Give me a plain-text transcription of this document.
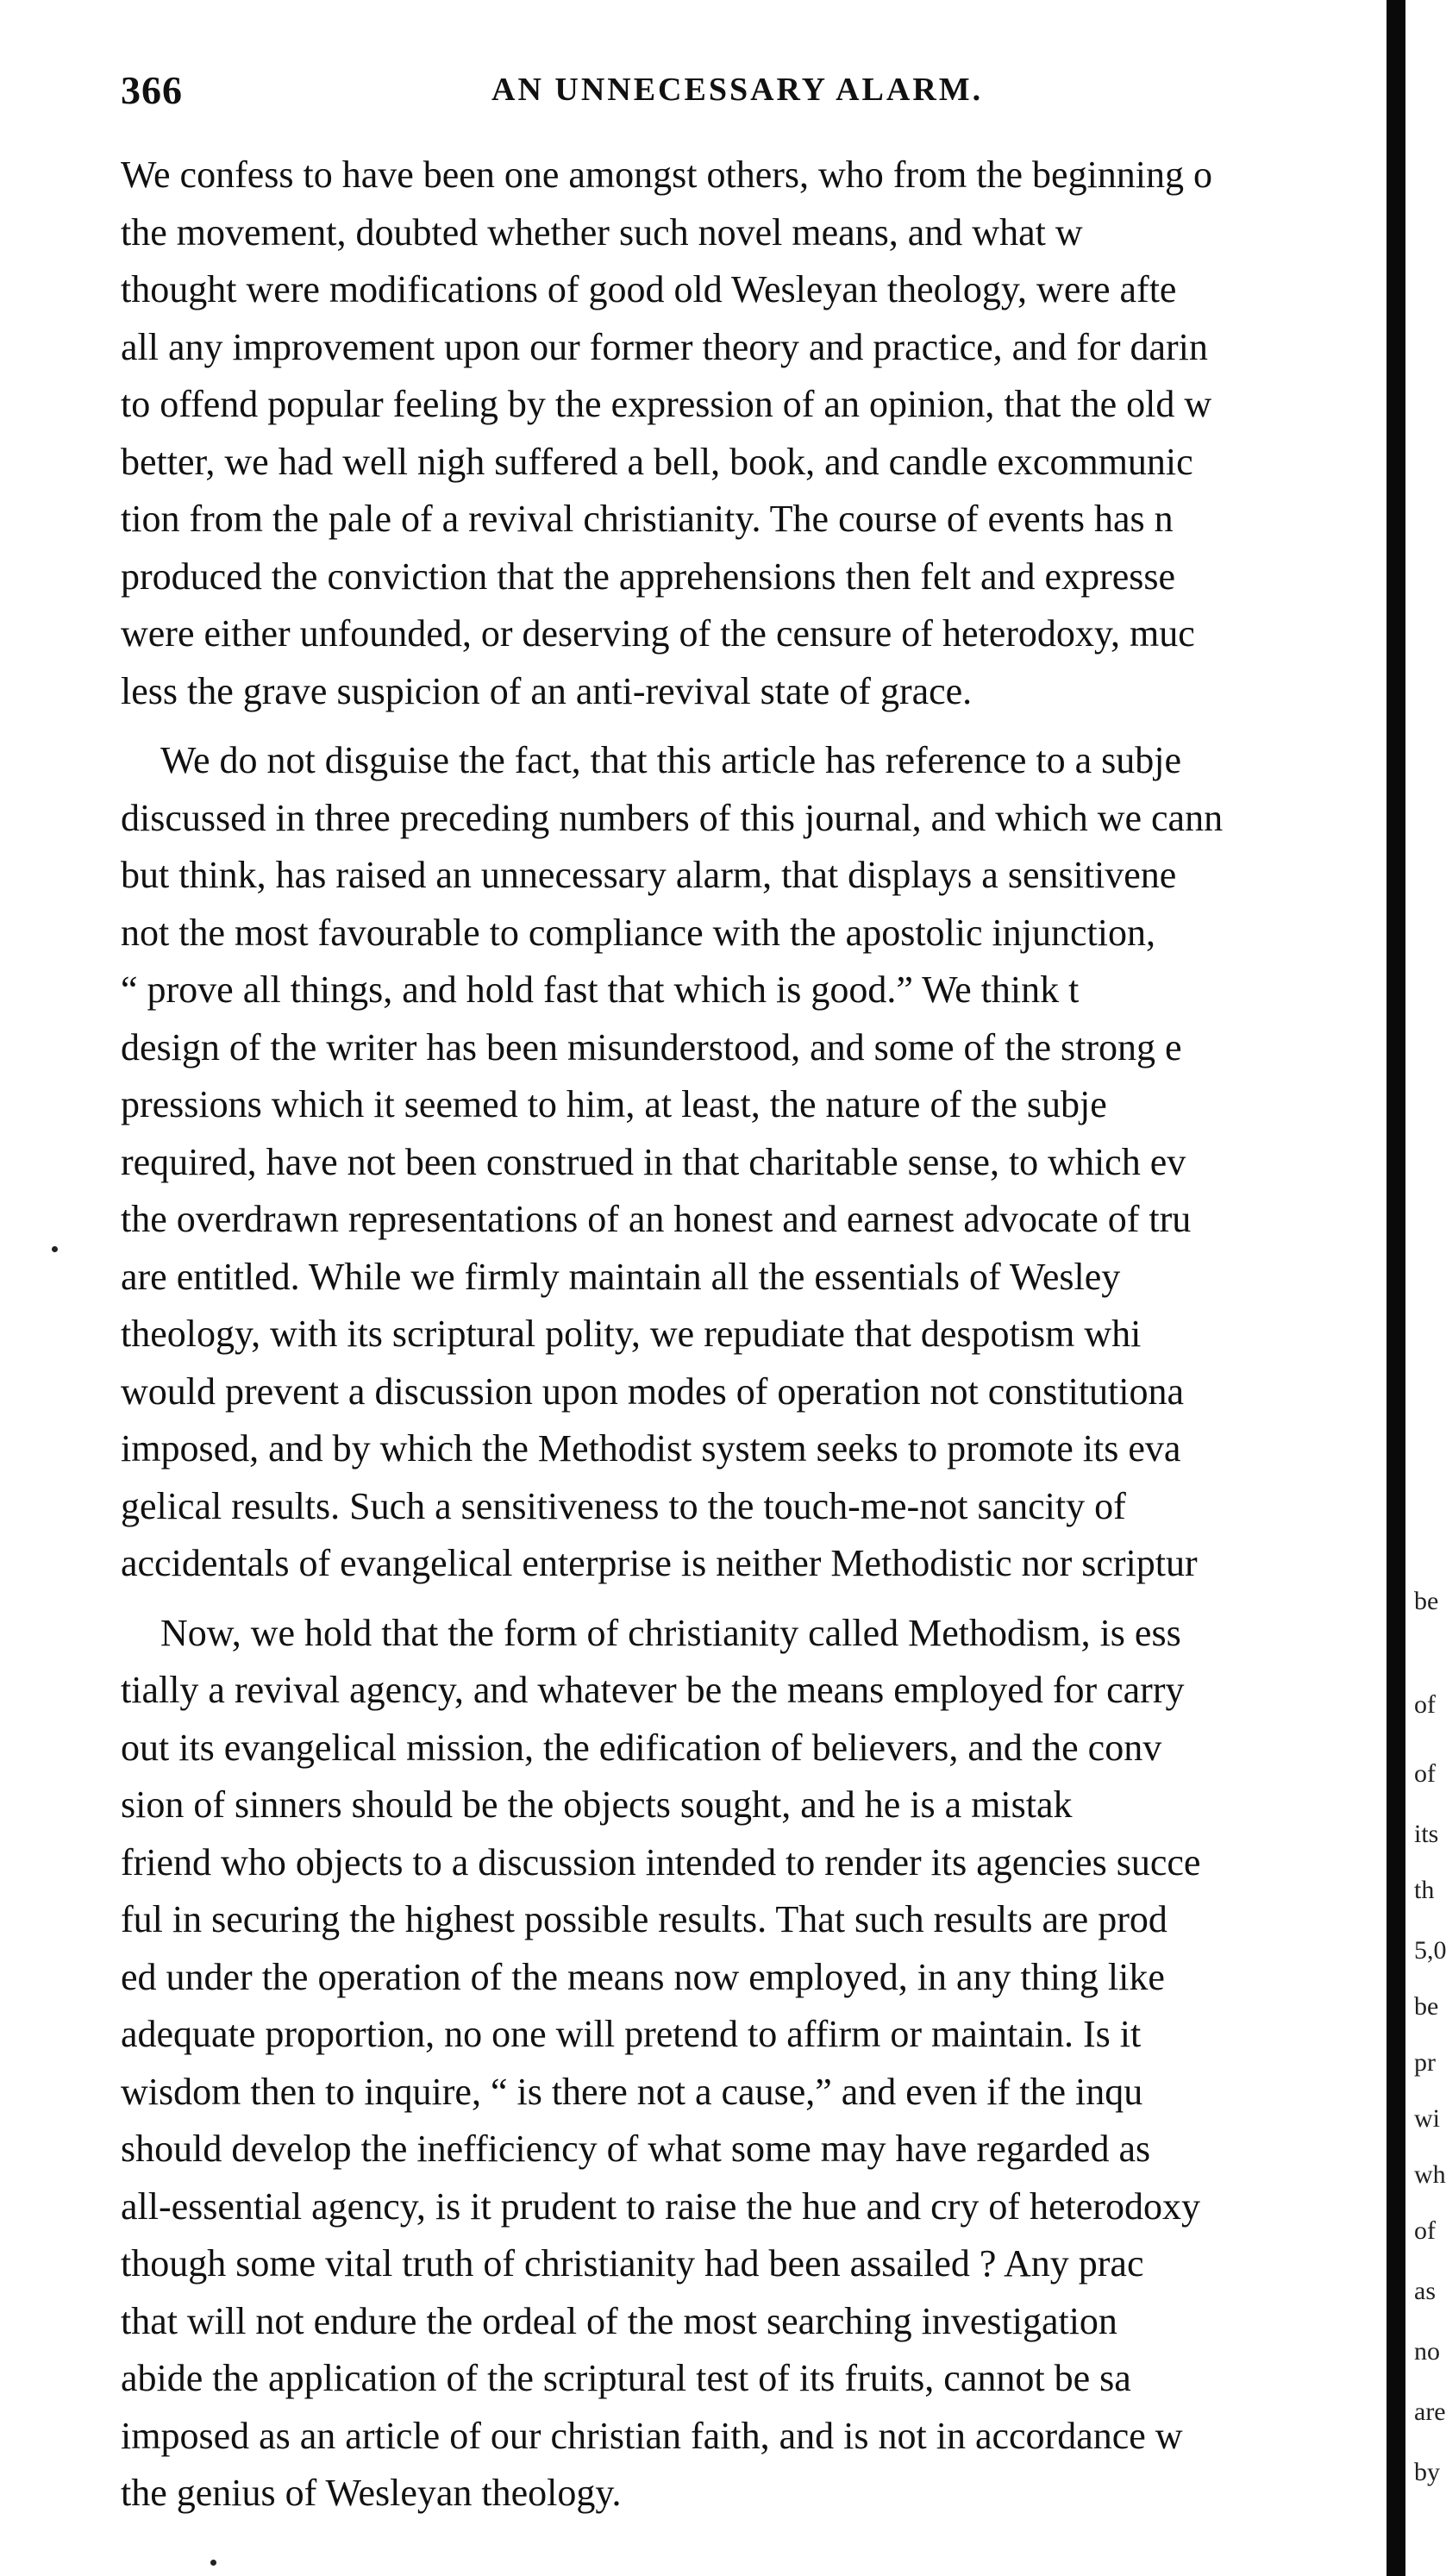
366	AN UNNECESSARY ALARM.
We confess to have been one amongst others, who from the beginning o
the movement, doubted whether such novel means, and what w
thought were modifications of good old Wesleyan theology, were afte
all any improvement upon our former theory and practice, and for darin
to offend popular feeling by the expression of an opinion, that the old w
better, we had well nigh suffered a bell, book, and candle excommunic
tion from the pale of a revival christianity. The course of events has n
produced the conviction that the apprehensions then felt and expresse
were either unfounded, or deserving of the censure of heterodoxy, muc
less the grave suspicion of an anti-revival state of grace.
We do not disguise the fact, that this article has reference to a subje
discussed in three preceding numbers of this journal, and which we cann
but think, has raised an unnecessary alarm, that displays a sensitivene
not the most favourable to compliance with the apostolic injunction,
“ prove all things, and hold fast that which is good.” We think t
design of the writer has been misunderstood, and some of the strong e
pressions which it seemed to him, at least, the nature of the subje
required, have not been construed in that charitable sense, to which ev
the overdrawn representations of an honest and earnest advocate of tru
are entitled. While we firmly maintain all the essentials of Wesley
theology, with its scriptural polity, we repudiate that despotism whi
would prevent a discussion upon modes of operation not constitutiona
imposed, and by which the Methodist system seeks to promote its eva
gelical results. Such a sensitiveness to the touch-me-not sancity of
accidentals of evangelical enterprise is neither Methodistic nor scriptur
Now, we hold that the form of christianity called Methodism, is ess
tially a revival agency, and whatever be the means employed for carry
out its evangelical mission, the edification of believers, and the conv
sion of sinners should be the objects sought, and he is a mistak
friend who objects to a discussion intended to render its agencies succe
ful in securing the highest possible results. That such results are prod
ed under the operation of the means now employed, in any thing like
adequate proportion, no one will pretend to affirm or maintain. Is it
wisdom then to inquire, “ is there not a cause,” and even if the inqu
should develop the inefficiency of what some may have regarded as
all-essential agency, is it prudent to raise the hue and cry of heterodoxy
though some vital truth of christianity had been assailed ? Any prac
that will not endure the ordeal of the most searching investigation
abide the application of the scriptural test of its fruits, cannot be sa
imposed as an article of our christian faith, and is not in accordance w
the genius of Wesleyan theology.
be
of
of
its
th
5,0
be
pr
wi
wh
of
as
no
are
by
